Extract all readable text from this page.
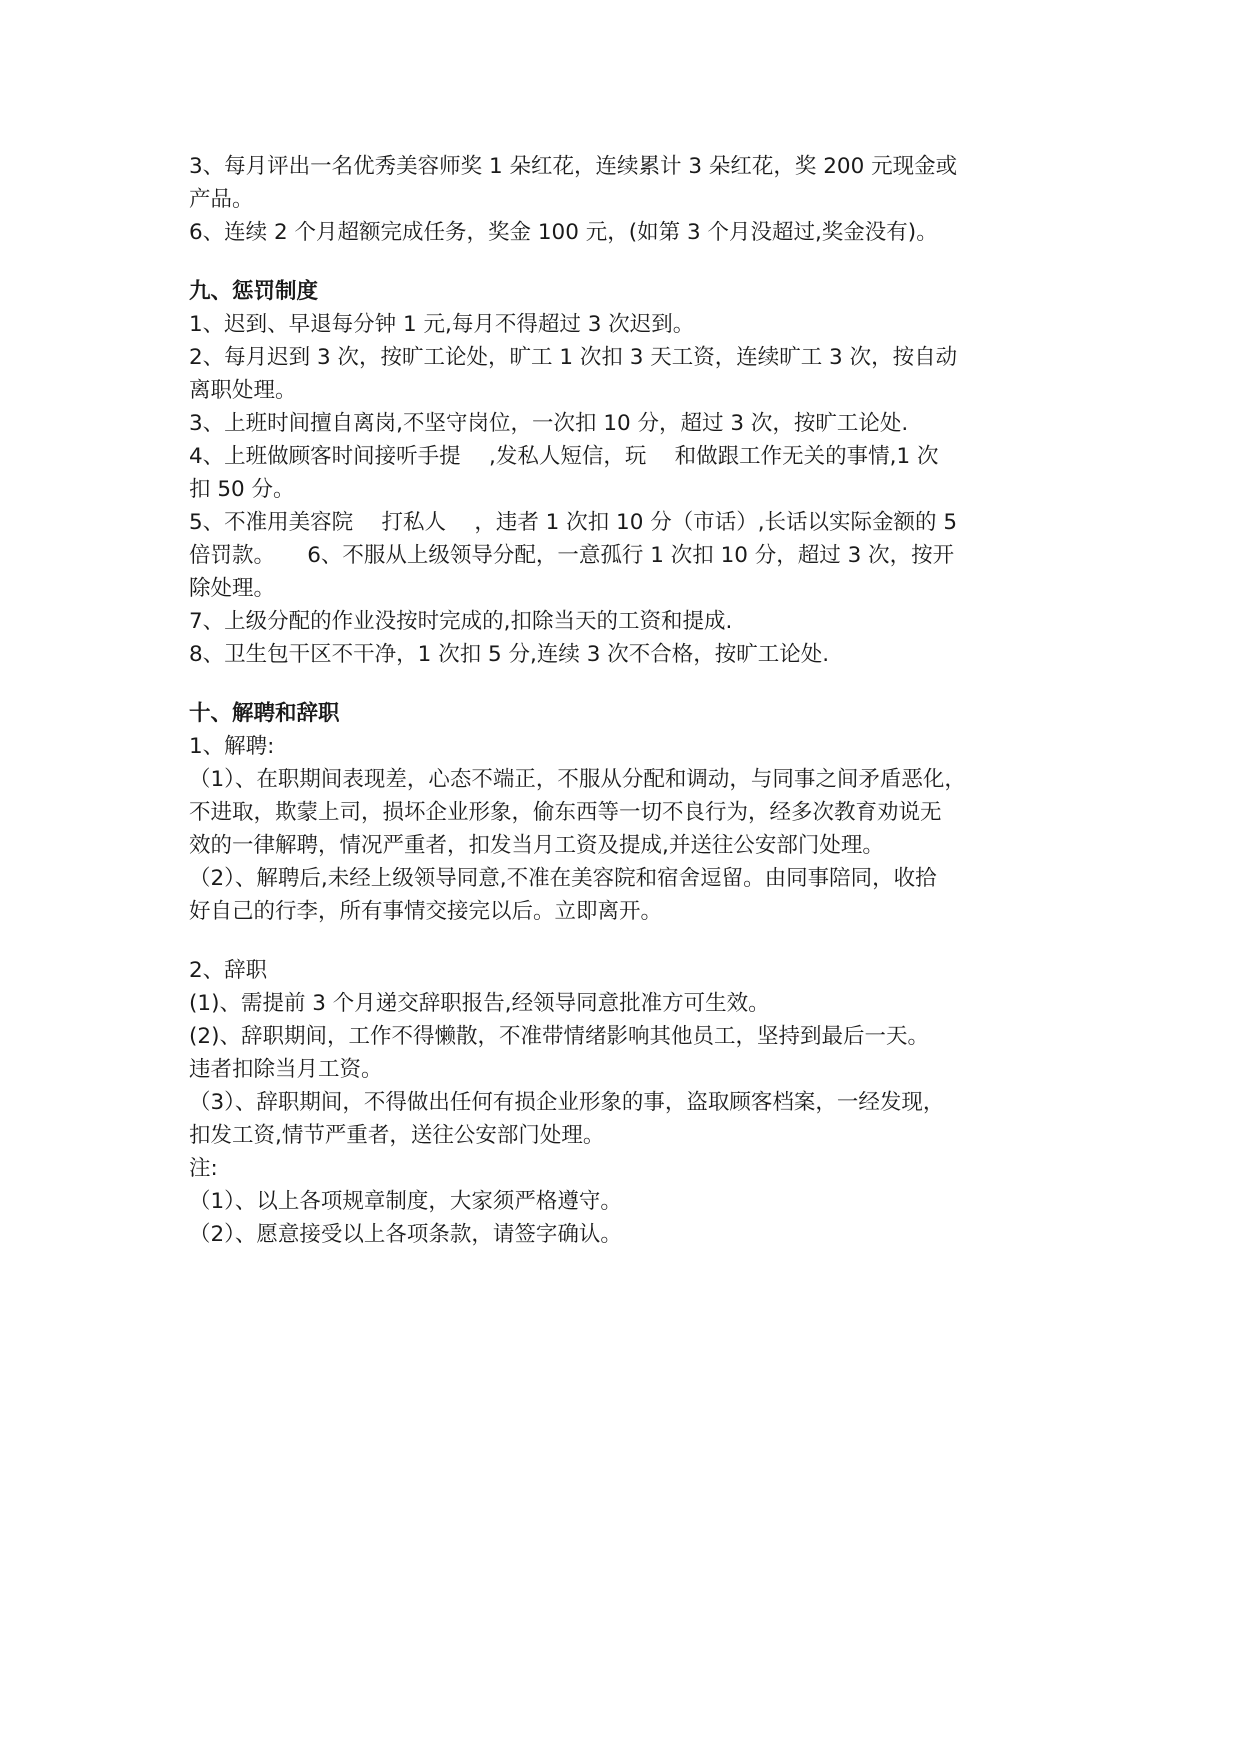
3、每月评出一名优秀美容师奖 1 朵红花，连续累计 3 朵红花，奖 200 元现金或
产品。
6、连续 2 个月超额完成任务，奖金 100 元，(如第 3 个月没超过,奖金没有)。
九、惩罚制度
1、迟到、早退每分钟 1 元,每月不得超过 3 次迟到。
2、每月迟到 3 次，按旷工论处，旷工 1 次扣 3 天工资，连续旷工 3 次，按自动
离职处理。
3、上班时间擅自离岗,不坚守岗位，一次扣 10 分，超过 3 次，按旷工论处.
4、上班做顾客时间接听手提　 ,发私人短信，玩　 和做跟工作无关的事情,1 次
扣 50 分。
5、不准用美容院　 打私人　 ，违者 1 次扣 10 分（市话）,长话以实际金额的 5
倍罚款。　　6、不服从上级领导分配，一意孤行 1 次扣 10 分，超过 3 次，按开
除处理。
7、上级分配的作业没按时完成的,扣除当天的工资和提成.
8、卫生包干区不干净，1 次扣 5 分,连续 3 次不合格，按旷工论处.
十、解聘和辞职
1、解聘:
（1）、在职期间表现差，心态不端正，不服从分配和调动，与同事之间矛盾恶化，
不进取，欺蒙上司，损坏企业形象，偷东西等一切不良行为，经多次教育劝说无
效的一律解聘，情况严重者，扣发当月工资及提成,并送往公安部门处理。
（2）、解聘后,未经上级领导同意,不准在美容院和宿舍逗留。由同事陪同，收拾
好自己的行李，所有事情交接完以后。立即离开。
2、辞职
(1)、需提前 3 个月递交辞职报告,经领导同意批准方可生效。
(2)、辞职期间，工作不得懒散，不准带情绪影响其他员工，坚持到最后一天。
违者扣除当月工资。
（3）、辞职期间，不得做出任何有损企业形象的事，盗取顾客档案，一经发现，
扣发工资,情节严重者，送往公安部门处理。
注:
（1）、以上各项规章制度，大家须严格遵守。
（2）、愿意接受以上各项条款，请签字确认。
